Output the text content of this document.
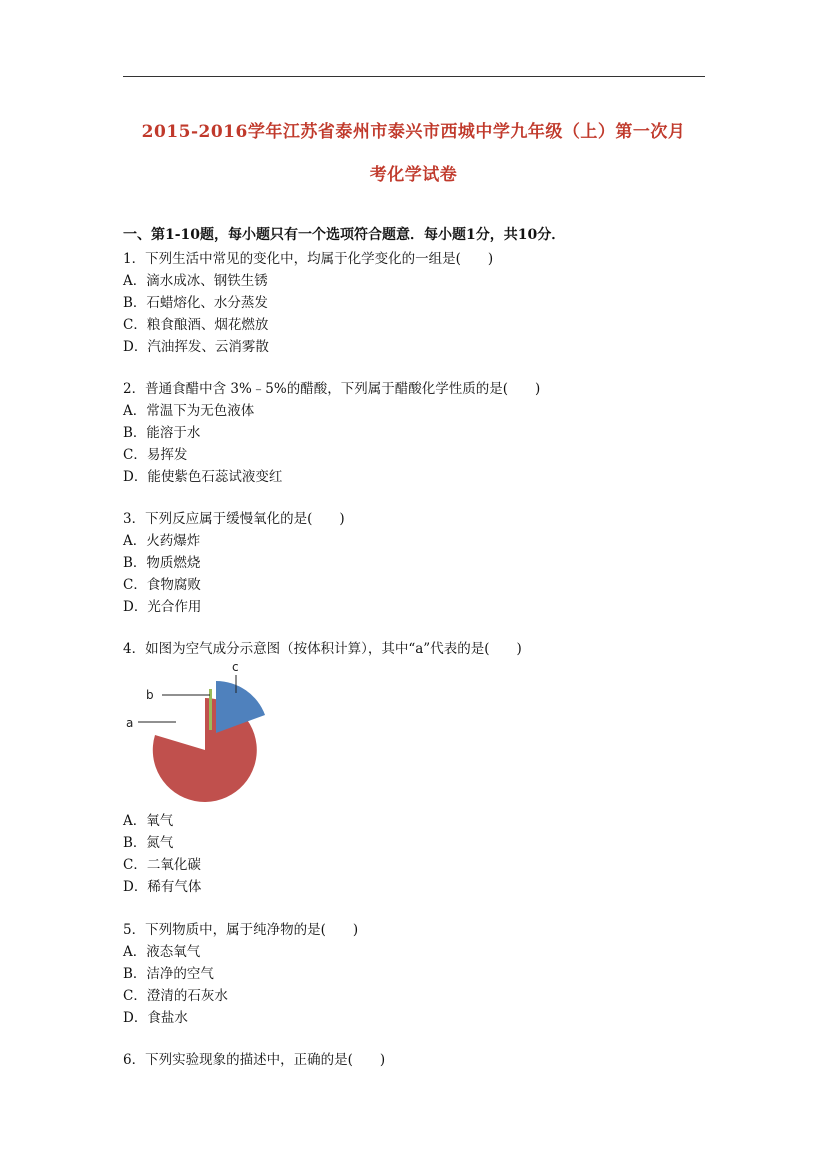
2015-2016学年江苏省泰州市泰兴市西城中学九年级（上）第一次月
考化学试卷
一、第1-10题，每小题只有一个选项符合题意．每小题1分，共10分．
1．下列生活中常见的变化中，均属于化学变化的一组是(　　)
A．滴水成冰、钢铁生锈
B．石蜡熔化、水分蒸发
C．粮食酿酒、烟花燃放
D．汽油挥发、云消雾散
2．普通食醋中含 3%﹣5%的醋酸，下列属于醋酸化学性质的是(　　)
A．常温下为无色液体
B．能溶于水
C．易挥发
D．能使紫色石蕊试液变红
3．下列反应属于缓慢氧化的是(　　)
A．火药爆炸
B．物质燃烧
C．食物腐败
D．光合作用
4．如图为空气成分示意图（按体积计算），其中“a”代表的是(　　)
a
b
c
A．氧气
B．氮气
C．二氧化碳
D．稀有气体
5．下列物质中，属于纯净物的是(　　)
A．液态氧气
B．洁净的空气
C．澄清的石灰水
D．食盐水
6．下列实验现象的描述中，正确的是(　　)
